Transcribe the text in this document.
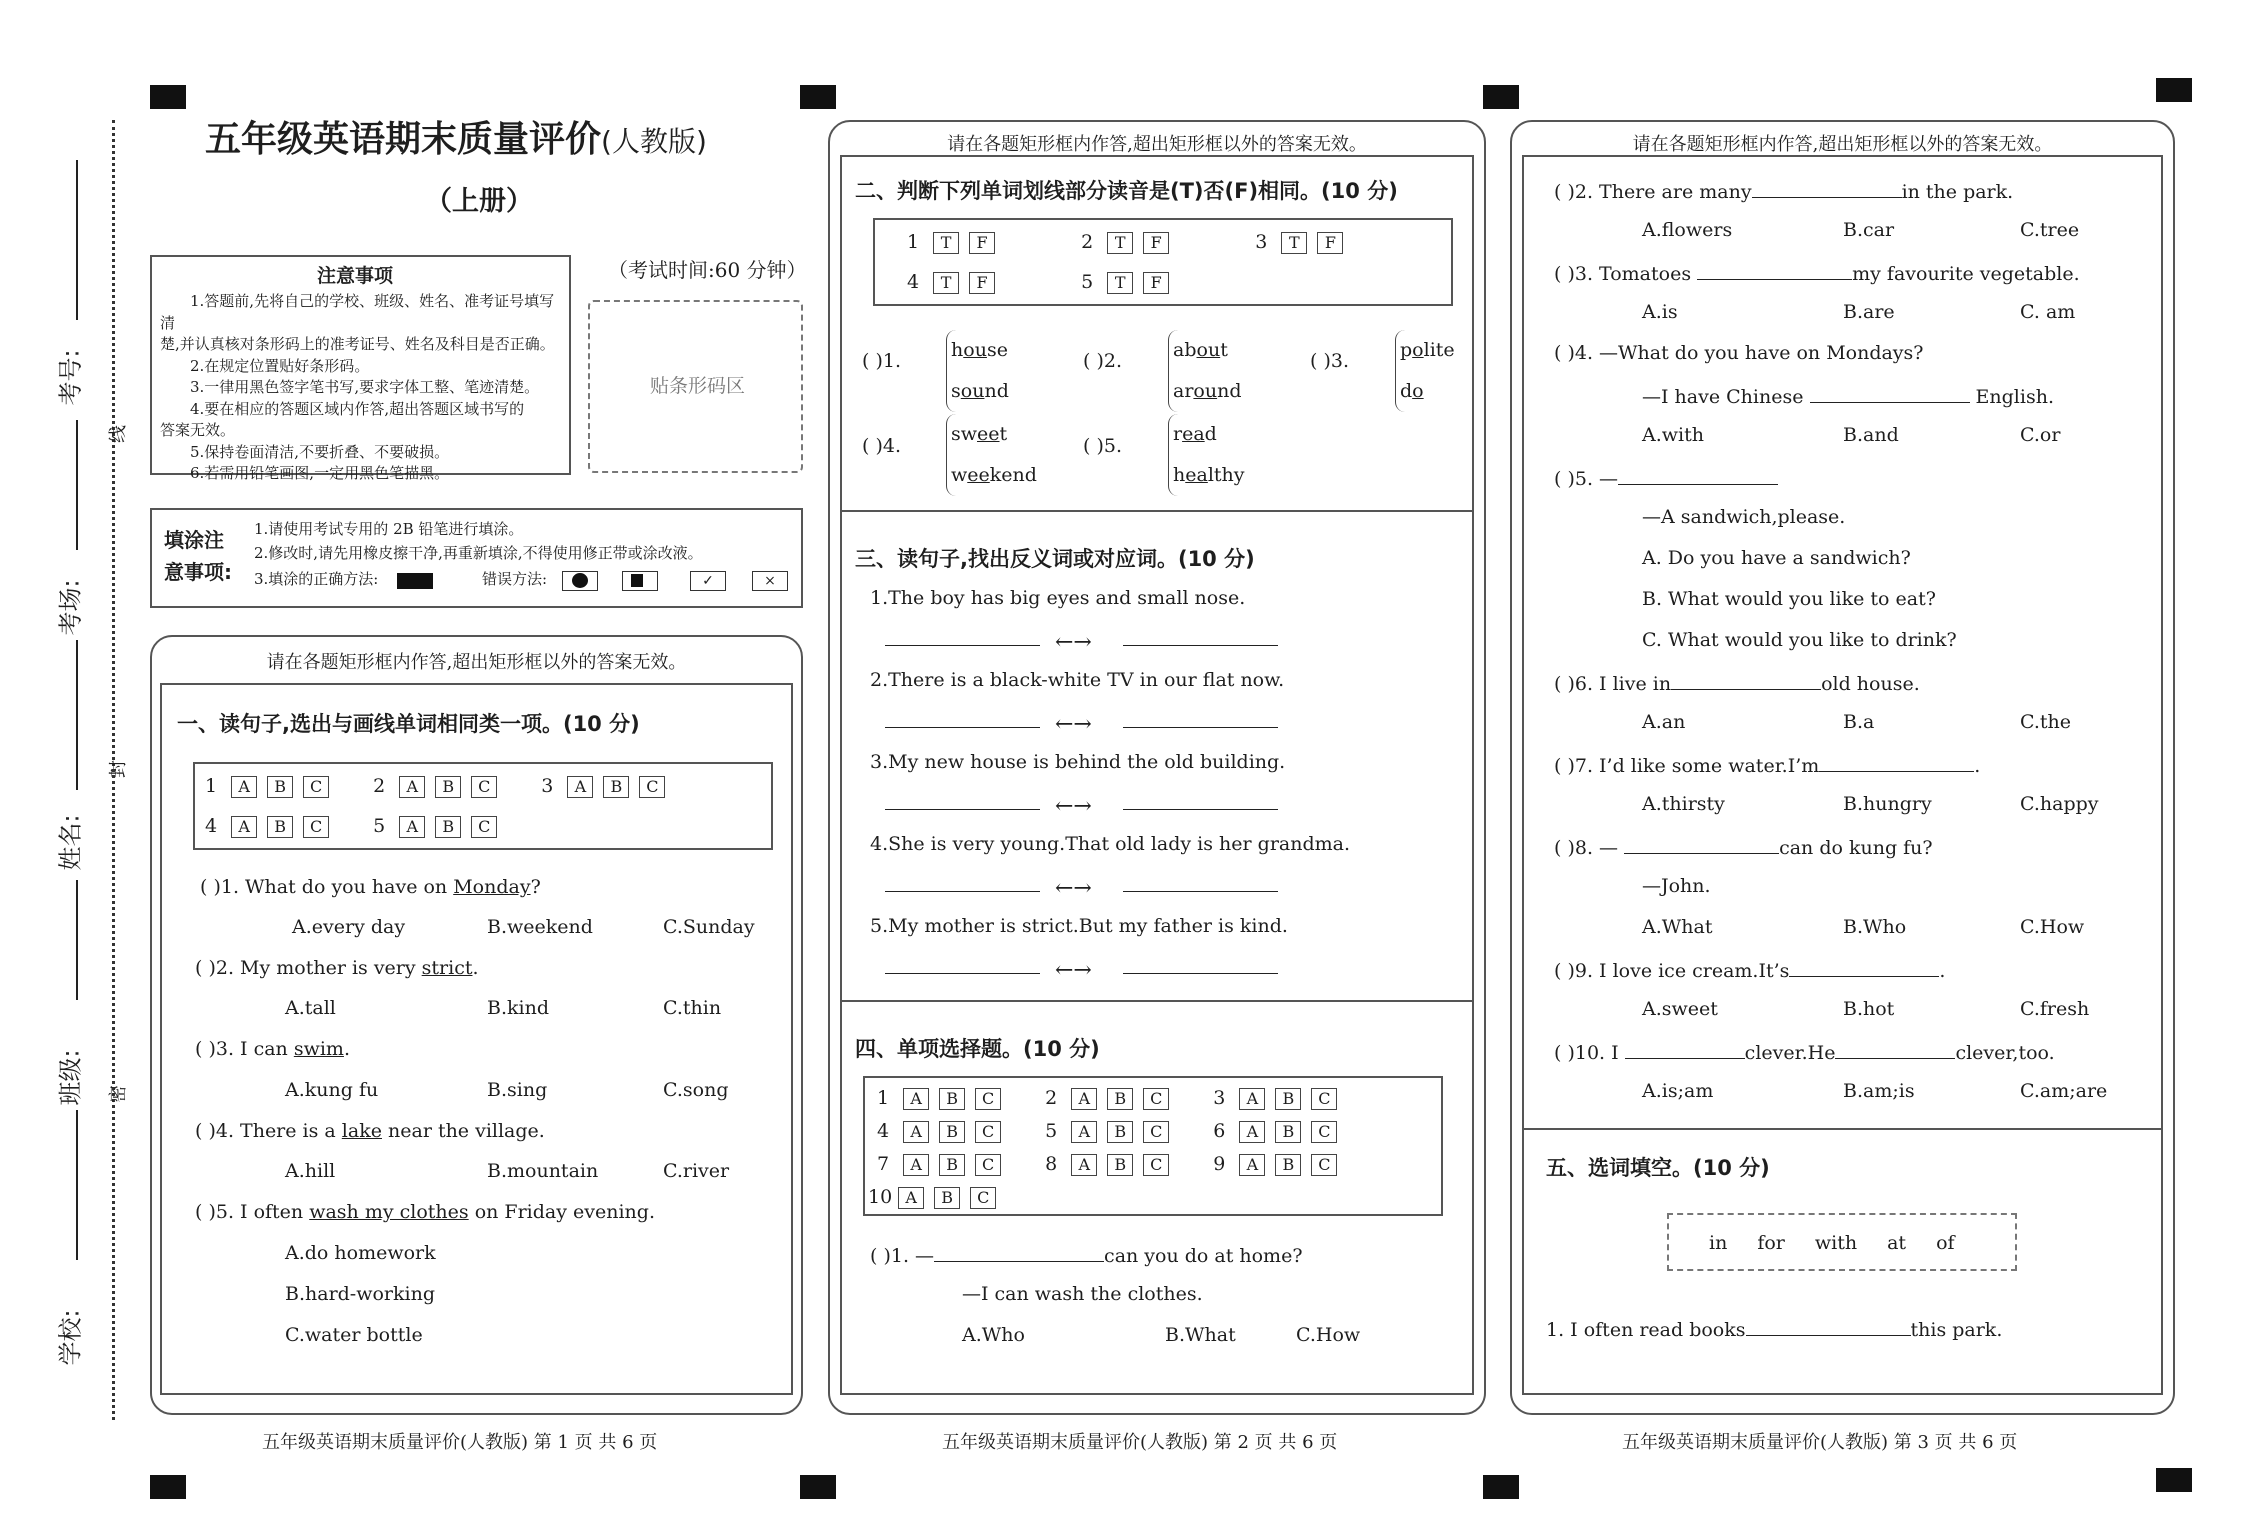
考号:
考场:
姓名:
班级:
学校:
线
封
密
五年级英语期末质量评价(人教版)
（上册）
注意事项
1.答题前,先将自己的学校、班级、姓名、准考证号填写清
楚,并认真核对条形码上的准考证号、姓名及科目是否正确。
2.在规定位置贴好条形码。
3.一律用黑色签字笔书写,要求字体工整、笔迹清楚。
4.要在相应的答题区域内作答,超出答题区域书写的
答案无效。
5.保持卷面清洁,不要折叠、不要破损。
6.若需用铅笔画图,一定用黑色笔描黑。
（考试时间:60 分钟）
贴条形码区
填涂注
意事项:
1.请使用考试专用的 2B 铅笔进行填涂。
2.修改时,请先用橡皮擦干净,再重新填涂,不得使用修正带或涂改液。
3.填涂的正确方法:	错误方法:	✓	×
请在各题矩形框内作答,超出矩形框以外的答案无效。
一、读句子,选出与画线单词相同类一项。(10 分)
1 A B C	2 A B C	3 A B C
4 A B C	5 A B C
( )1. What do you have on Monday?
A.every day	B.weekend	C.Sunday
( )2. My mother is very strict.
A.tall	B.kind	C.thin
( )3. I can swim.
A.kung fu	B.sing	C.song
( )4. There is a lake near the village.
A.hill	B.mountain	C.river
( )5. I often wash my clothes on Friday evening.
A.do homework
B.hard-working
C.water bottle
五年级英语期末质量评价(人教版) 第 1 页 共 6 页
请在各题矩形框内作答,超出矩形框以外的答案无效。
二、判断下列单词划线部分读音是(T)否(F)相同。(10 分)
1 T F	2 T F	3 T F
4 T F	5 T F
( )1.	house
sound
( )2.	about
around
( )3.	polite
do
( )4.
sweet
weekend
( )5.
read
healthy
三、读句子,找出反义词或对应词。(10 分)
1.The boy has big eyes and small nose.
←→
2.There is a black-white TV in our flat now.
←→
3.My new house is behind the old building.
←→
4.She is very young.That old lady is her grandma.
←→
5.My mother is strict.But my father is kind.
←→
四、单项选择题。(10 分)
1 A B C	2 A B C	3 A B C
4 A B C	5 A B C	6 A B C
7 A B C	8 A B C	9 A B C
10 A B C
( )1. —	can you do at home?
—I can wash the clothes.
A.Who	B.What	C.How
五年级英语期末质量评价(人教版) 第 2 页 共 6 页
请在各题矩形框内作答,超出矩形框以外的答案无效。
( )2. There are many	in the park.
A.flowers	B.car	C.tree
( )3. Tomatoes	my favourite vegetable.
A.is	B.are	C. am
( )4. —What do you have on Mondays?
—I have Chinese	English.
A.with	B.and	C.or
( )5. —
—A sandwich,please.
A. Do you have a sandwich?
B. What would you like to eat?
C. What would you like to drink?
( )6. I live in	old house.
A.an	B.a	C.the
( )7. I’d like some water.I’m	.
A.thirsty	B.hungry	C.happy
( )8. —	can do kung fu?
—John.
A.What	B.Who	C.How
( )9. I love ice cream.It’s	.
A.sweet	B.hot	C.fresh
( )10. I	clever.He	clever,too.
A.is;am	B.am;is	C.am;are
五、选词填空。(10 分)
in for with at of
1. I often read books	this park.
五年级英语期末质量评价(人教版) 第 3 页 共 6 页
